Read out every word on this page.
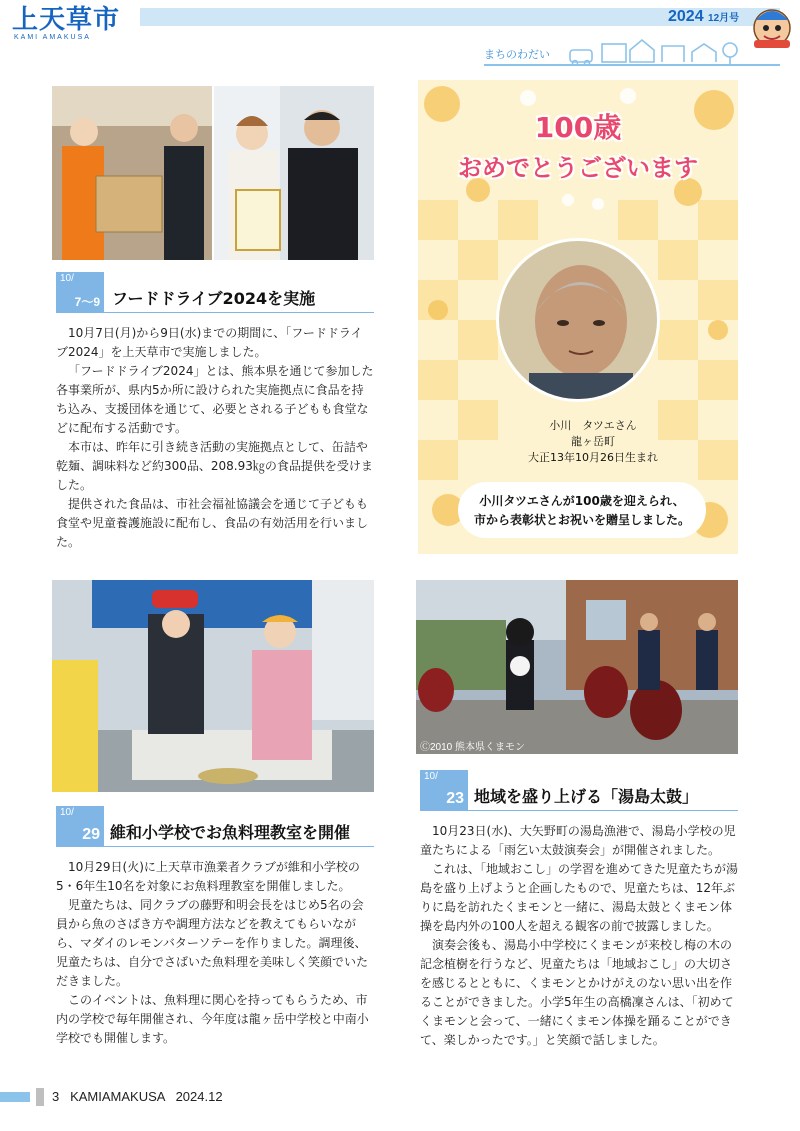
上天草市
KAMI AMAKUSA
2024 12月号
まちのわだい
10/
7～9 フードドライブ2024を実施

10月7日(月)から9日(水)までの期間に、「フードドライブ2024」を上天草市で実施しました。

「フードドライブ2024」とは、熊本県を通じて参加した各事業所が、県内5か所に設けられた実施拠点に食品を持ち込み、支援団体を通じて、必要とされる子どもも食堂などに配布する活動です。

本市は、昨年に引き続き活動の実施拠点として、缶詰や乾麺、調味料など約300品、208.93㎏の食品提供を受けました。

提供された食品は、市社会福祉協議会を通じて子どもも食堂や児童養護施設に配布し、食品の有効活用を行いました。

100歳
おめでとうございます
小川　タツエさん
龍ヶ岳町
大正13年10月26日生まれ
小川タツエさんが100歳を迎えられ、
市から表彰状とお祝いを贈呈しました。
10/
29 維和小学校でお魚料理教室を開催

10月29日(火)に上天草市漁業者クラブが維和小学校の5・6年生10名を対象にお魚料理教室を開催しました。

児童たちは、同クラブの藤野和明会長をはじめ5名の会員から魚のさばき方や調理方法などを教えてもらいながら、マダイのレモンバターソテーを作りました。調理後、児童たちは、自分でさばいた魚料理を美味しく笑顔でいただきました。

このイベントは、魚料理に関心を持ってもらうため、市内の学校で毎年開催され、今年度は龍ヶ岳中学校と中南小学校でも開催します。

Ⓒ2010 熊本県くまモン
10/
23 地域を盛り上げる「湯島太鼓」

10月23日(水)、大矢野町の湯島漁港で、湯島小学校の児童たちによる「雨乞い太鼓演奏会」が開催されました。

これは、「地域おこし」の学習を進めてきた児童たちが湯島を盛り上げようと企画したもので、児童たちは、12年ぶりに島を訪れたくまモンと一緒に、湯島太鼓とくまモン体操を島内外の100人を超える観客の前で披露しました。

演奏会後も、湯島小中学校にくまモンが来校し梅の木の記念植樹を行うなど、児童たちは「地域おこし」の大切さを感じるとともに、くまモンとかけがえのない思い出を作ることができました。小学5年生の高橋凜さんは、「初めてくまモンと会って、一緒にくまモン体操を踊ることができて、楽しかったです。」と笑顔で話しました。

3 KAMIAMAKUSA 2024.12
